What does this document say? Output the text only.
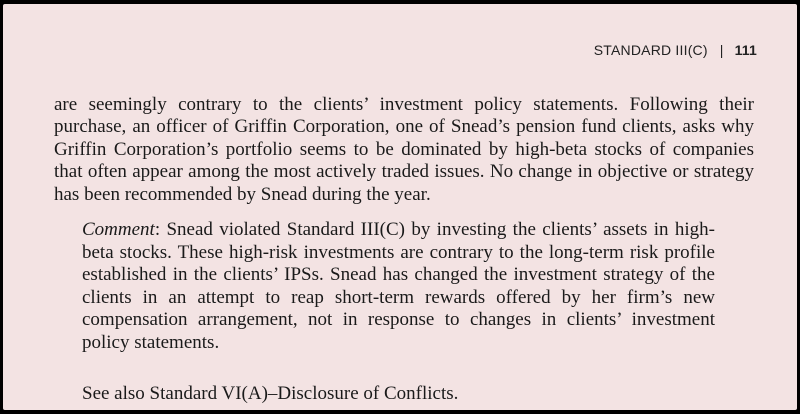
STANDARD III(C) | 111

are seemingly contrary to the clients’ investment policy statements. Following their purchase, an officer of Griffin Corporation, one of Snead’s pension fund clients, asks why Griffin Corporation’s portfolio seems to be dominated by high-beta stocks of companies that often appear among the most actively traded issues. No change in objective or strategy has been recommended by Snead during the year.

Comment: Snead violated Standard III(C) by investing the clients’ assets in high-beta stocks. These high-risk investments are contrary to the long-term risk profile established in the clients’ IPSs. Snead has changed the investment strategy of the clients in an attempt to reap short-term rewards offered by her firm’s new compensation arrangement, not in response to changes in clients’ investment policy statements.

See also Standard VI(A)–Disclosure of Conflicts.
